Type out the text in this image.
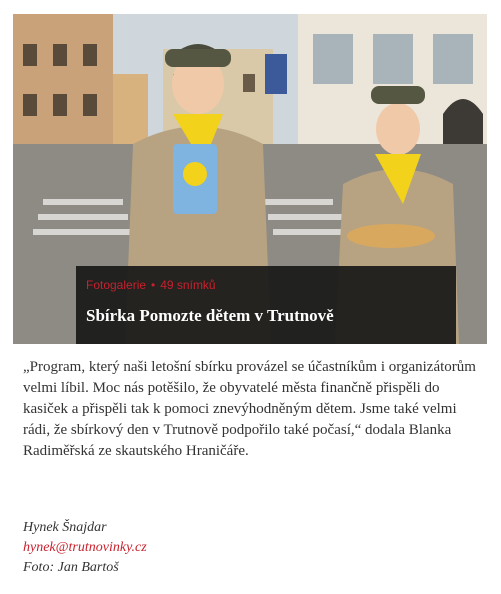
Fotogalerie • 49 snímků
Sbírka Pomozte dětem v Trutnově

„Program, který naši letošní sbírku provázel se účastníkům i organizátorům velmi líbil. Moc nás potěšilo, že obyvatelé města finančně přispěli do kasiček a přispěli tak k pomoci znevýhodněným dětem. Jsme také velmi rádi, že sbírkový den v Trutnově podpořilo také počasí,“ dodala Blanka Radiměřská ze skautského Hraničáře.

Hynek Šnajdar
hynek@trutnovinky.cz
Foto: Jan Bartoš
